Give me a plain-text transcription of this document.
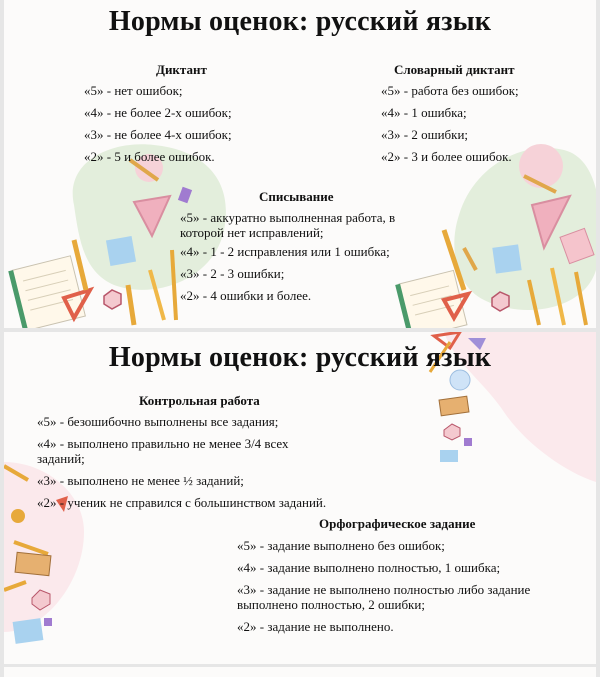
Нормы оценок: русский язык
Диктант
«5» - нет ошибок;
«4» - не более 2-х ошибок;
«3» - не более 4-х ошибок;
«2» - 5 и более ошибок.
Словарный диктант
«5» - работа без ошибок;
«4» - 1 ошибка;
«3» - 2 ошибки;
«2» - 3 и более ошибок.
Списывание
«5» - аккуратно выполненная работа, в которой нет исправлений;
«4» - 1 - 2 исправления или 1 ошибка;
«3» - 2 - 3 ошибки;
«2» - 4 ошибки и более.
Нормы оценок: русский язык
Контрольная работа
«5» - безошибочно выполнены все задания;
«4» - выполнено правильно не менее 3/4 всех заданий;
«3» - выполнено не менее ½ заданий;
«2» - ученик не справился с большинством заданий.
Орфографическое задание
«5» - задание выполнено без ошибок;
«4» - задание выполнено полностью, 1 ошибка;
«3» - задание не выполнено полностью либо задание выполнено полностью, 2 ошибки;
«2» - задание не выполнено.
